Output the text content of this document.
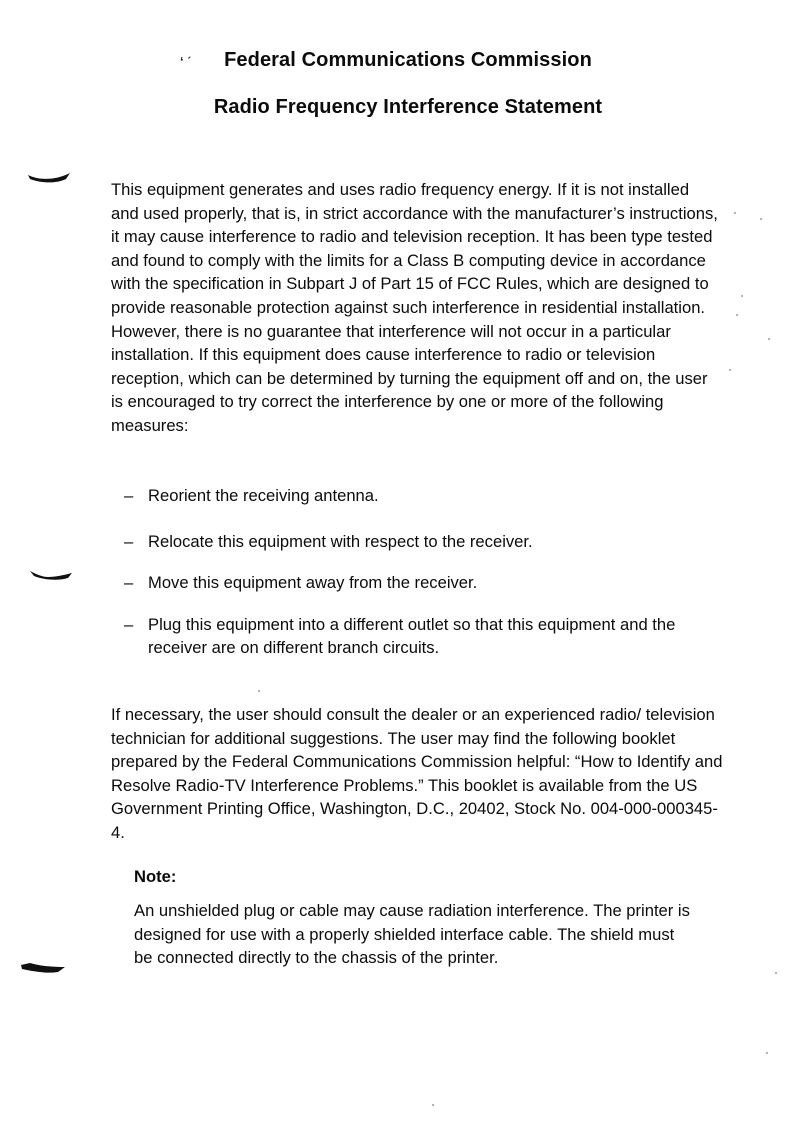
‘ ˊ	Federal Communications Commission
Radio Frequency Interference Statement

This equipment generates and uses radio frequency energy. If it is not installed and used properly, that is, in strict accordance with the manufacturer’s instructions, it may cause interference to radio and television reception. It has been type tested and found to comply with the limits for a Class B computing device in accordance with the specification in Subpart J of Part 15 of FCC Rules, which are designed to provide reasonable protection against such interference in residential installation. However, there is no guarantee that interference will not occur in a particular installation. If this equipment does cause interference to radio or television reception, which can be determined by turning the equipment off and on, the user is encouraged to try correct the interference by one or more of the following measures:

– Reorient the receiving antenna.
– Relocate this equipment with respect to the receiver.
– Move this equipment away from the receiver.
– Plug this equipment into a different outlet so that this equipment and the receiver are on different branch circuits.

If necessary, the user should consult the dealer or an experienced radio/ television technician for additional suggestions. The user may find the following booklet prepared by the Federal Communications Commission helpful: “How to Identify and Resolve Radio-TV Interference Problems.” This booklet is available from the US Government Printing Office, Washington, D.C., 20402, Stock No. 004-000-000345-4.

Note:

An unshielded plug or cable may cause radiation interference. The printer is designed for use with a properly shielded interface cable. The shield must be connected directly to the chassis of the printer.
